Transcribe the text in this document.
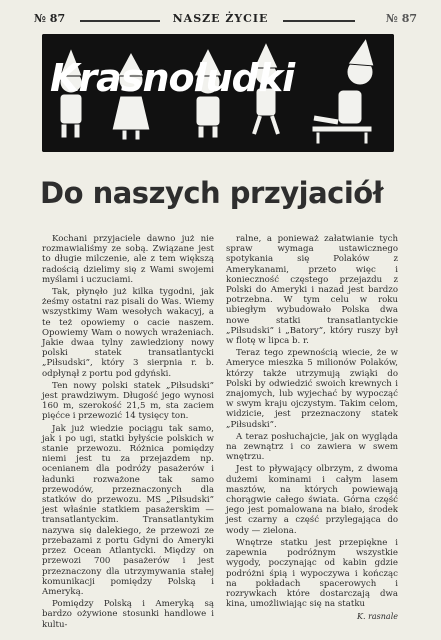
№ 87	NASZE ŻYCIE	№ 87
Krasnoludki
Do naszych przyjaciół

Kochani przyjaciele dawno już nie rozmawialiśmy ze sobą. Związane jest to długie milczenie, ale z tem większą radością dzielimy się z Wami swojemi myślami i uczuciami.

Tak, płynęło już kilka tygodni, jak żeśmy ostatni raz pisali do Was. Wiemy wszystkimy Wam wesołych wakacyj, a te też opowiemy o cacie naszem. Opowiemy Wam o nowych wrażeniach. Jakie dwaa tylny zawiedziony nowy polski statek transatlantycki „Piłsudski”, który 3 sierpnia r. b. odpłynął z portu pod gdyński.

Ten nowy polski statek „Piłsudski” jest prawdziwym. Długość jego wynosi 160 m, szerokość 21,5 m, sta zaciem pięćce i przewozić 14 tysięcy ton.

Jak już wiedzie pociągu tak samo, jak i po ugi, statki byłyście polskich w stanie przewozu. Różnica pomiędzy niemi jest tu za przejazdem np. ocenianem dla podróży pasażerów i ładunki rozważone tak samo przewodów, przeznaczonych dla statków do przewozu. MS „Piłsudski” jest właśnie statkiem pasażerskim — transatlantyckim. Transatlantykim nazywa się dalekiego, że przewozi ze przebazami z portu Gdyni do Ameryki przez Ocean Atlantycki. Między on przewozi 700 pasażerów i jest przeznaczony dla utrzymywania stałej komunikacji pomiędzy Polską i Ameryką.

Pomiędzy Polską i Ameryką są bardzo ożywione stosunki handlowe i kultu-

ralne, a ponieważ załatwianie tych spraw wymaga ustawicznego spotykania się Polaków z Amerykanami, przeto więc i konieczność częstego przejazdu z Polski do Ameryki i nazad jest bardzo potrzebna. W tym celu w roku ubiegłym wybudowało Polska dwa nowe statki transatlantyckie „Piłsudski” i „Batory”, który ruszy był w flotę w lipca b. r.

Teraz tego zpewnością wiecie, że w Ameryce mieszka 5 milionów Polaków, którzy także utrzymują zwiąki do Polski by odwiedzić swoich krewnych i znajomych, lub wyjechać by wypocząć w swym kraju ojczystym. Takim celom, widzicie, jest przeznaczony statek „Piłsudski”.

A teraz posłuchajcie, jak on wygląda na zewnątrz i co zawiera w swem wnętrzu.

Jest to pływający olbrzym, z dwoma dużemi kominami i całym lasem masztów, na których powiewają chorągwie całego świata. Górna część jego jest pomalowana na biało, środek jest czarny a część przylegająca do wody — zielona.

Wnętrze statku jest przepiękne i zapewnia podróżnym wszystkie wygody, poczynając od kabin gdzie podróżni śpią i wypoczywa i kończąc na pokładach spacerowych i rozrywkach które dostarczają dwa kina, umożliwiając się na statku

K. rasnale
